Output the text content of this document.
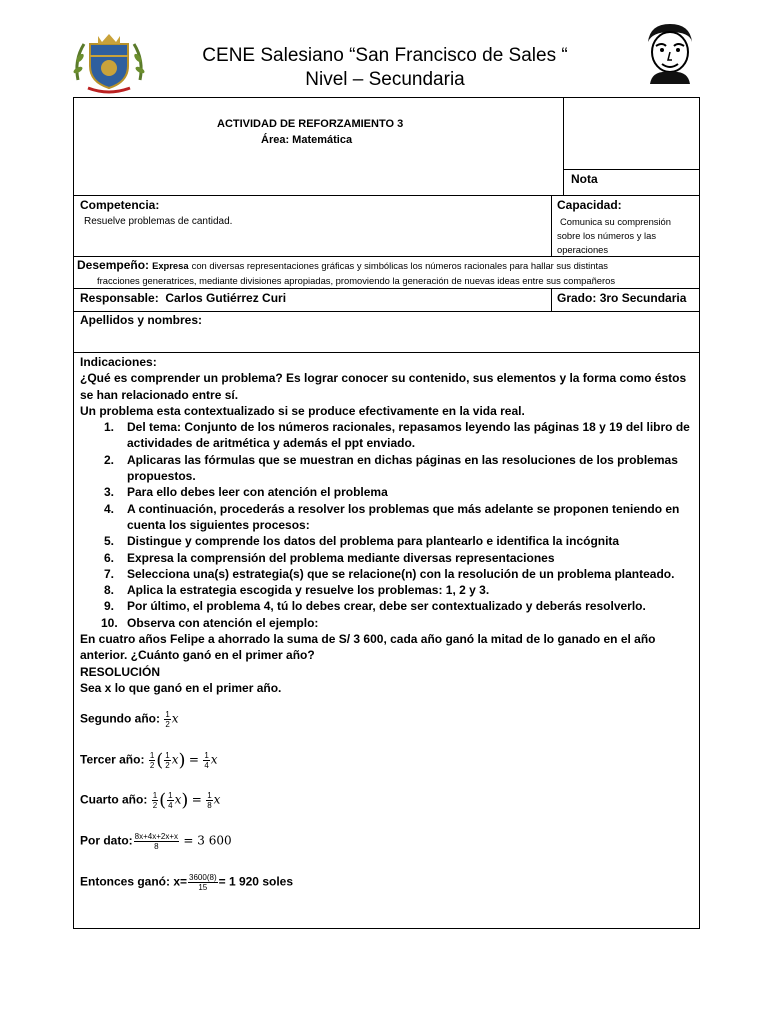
CENE Salesiano “San Francisco de Sales “
Nivel – Secundaria
ACTIVIDAD DE REFORZAMIENTO 3
Área: Matemática
Nota
Competencia:
Resuelve problemas de cantidad.
Capacidad:
Comunica su comprensión
sobre los números y las
operaciones
Desempeño: Expresa con diversas representaciones gráficas y simbólicas los números racionales para hallar sus distintas
fracciones generatrices, mediante divisiones apropiadas, promoviendo la generación de nuevas ideas entre sus compañeros
Responsable: Carlos Gutiérrez Curi	Grado: 3ro Secundaria
Apellidos y nombres:

Indicaciones:

¿Qué es comprender un problema? Es lograr conocer su contenido, sus elementos y la forma como éstos se han relacionado entre sí.

Un problema esta contextualizado si se produce efectivamente en la vida real.

1. Del tema: Conjunto de los números racionales, repasamos leyendo las páginas 18 y 19 del libro de actividades de aritmética y además el ppt enviado.
2. Aplicaras las fórmulas que se muestran en dichas páginas en las resoluciones de los problemas propuestos.
3. Para ello debes leer con atención el problema
4. A continuación, procederás a resolver los problemas que más adelante se proponen teniendo en cuenta los siguientes procesos:
5. Distingue y comprende los datos del problema para plantearlo e identifica la incógnita
6. Expresa la comprensión del problema mediante diversas representaciones
7. Selecciona una(s) estrategia(s) que se relacione(n) con la resolución de un problema planteado.
8. Aplica la estrategia escogida y resuelve los problemas: 1, 2 y 3.
9. Por último, el problema 4, tú lo debes crear, debe ser contextualizado y deberás resolverlo.
10. Observa con atención el ejemplo:

En cuatro años Felipe a ahorrado la suma de S/ 3 600, cada año ganó la mitad de lo ganado en el año anterior. ¿Cuánto ganó en el primer año?

RESOLUCIÓN

Sea x lo que ganó en el primer año.

Segundo año: $\frac{1}{2}$ x
Tercer año: $\frac{1}{2}$ ( $\frac{1}{2} x) = \frac{1}{4}$ x
Cuarto año: $\frac{1}{2}$ ( $\frac{1}{4} x) = \frac{1}{8}$ x
Por dato: $\frac{8x+4x+2x+x}{8} = 3$ 600
Entonces ganó: $x= \frac{3600(8)}{15} = 1$ 920 soles
